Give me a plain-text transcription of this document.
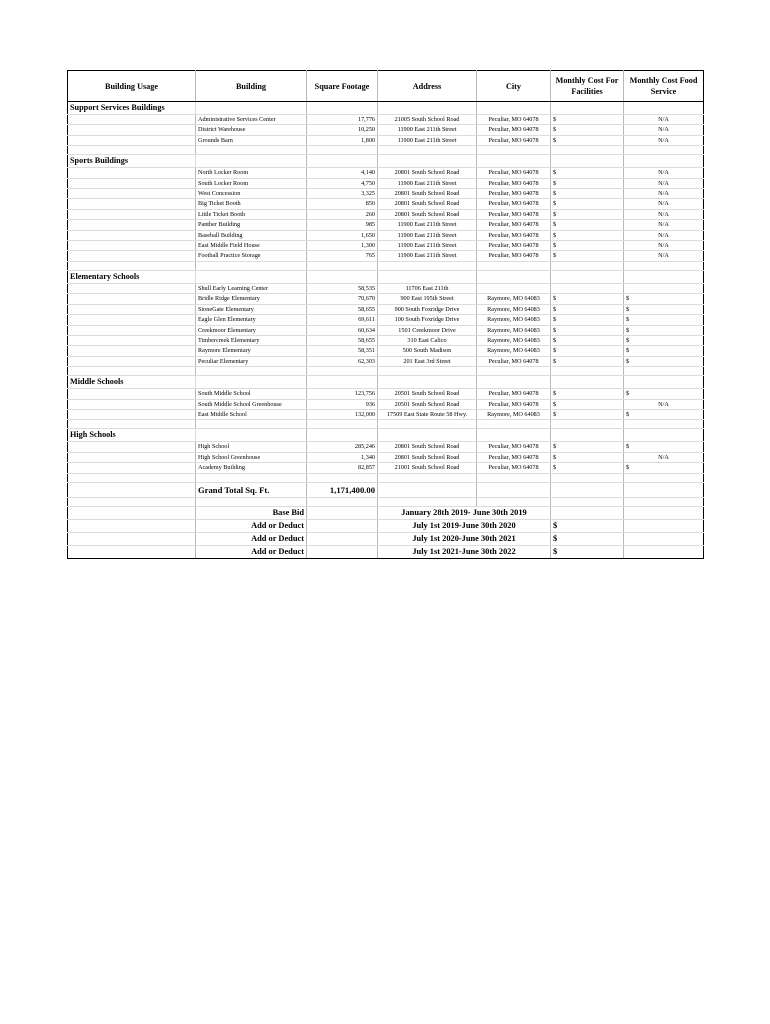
Building Usage	Building	Square Footage	Address	City	Monthly Cost For Facilities	Monthly Cost Food Service
Support Services Buildings						
	Administrative Services Center	17,776	21005 South School Road	Peculiar, MO 64078	$	N/A
	District Warehouse	10,250	11900 East 211th Street	Peculiar, MO 64078	$	N/A
	Grounds Barn	1,800	11900 East 211th Street	Peculiar, MO 64078	$	N/A

Sports Buildings						
	North Locker Room	4,140	20801 South School Road	Peculiar, MO 64078	$	N/A
	South Locker Room	4,750	11900 East 211th Street	Peculiar, MO 64078	$	N/A
	West Concession	3,325	20801 South School Road	Peculiar, MO 64078	$	N/A
	Big Ticket Booth	850	20801 South School Road	Peculiar, MO 64078	$	N/A
	Little Ticket Booth	260	20801 South School Road	Peculiar, MO 64078	$	N/A
	Panther Building	985	11900 East 211th Street	Peculiar, MO 64078	$	N/A
	Baseball Building	1,650	11900 East 211th Street	Peculiar, MO 64078	$	N/A
	East Middle Field House	1,300	11900 East 211th Street	Peculiar, MO 64078	$	N/A
	Football Practice Storage	765	11900 East 211th Street	Peculiar, MO 64078	$	N/A

Elementary Schools						
	Shull Early Learning Center	58,535	11706 East 211th			
	Bridle Ridge Elementary	70,670	900 East 195th Street	Raymore, MO 64083	$	$
	StoneGate Elementary	58,655	900 South Foxridge Drive	Raymore, MO 64083	$	$
	Eagle Glen Elementary	69,611	100 South Foxridge Drive	Raymore, MO 64083	$	$
	Creekmoor Elementary	60,634	1501 Creekmoor Drive	Raymore, MO 64083	$	$
	Timbercreek Elementary	58,655	310 East Calico	Raymore, MO 64083	$	$
	Raymore Elementary	58,351	500 South Madison	Raymore, MO 64083	$	$
	Peculiar Elementary	62,303	201 East 3rd Street	Peculiar, MO 64078	$	$

Middle Schools						
	South Middle School	123,756	20501 South School Road	Peculiar, MO 64078	$	$
	South Middle School Greenhouse	936	20501 South School Road	Peculiar, MO 64078	$	N/A
	East Middle School	132,000	17509 East State Route 58 Hwy.	Raymore, MO 64083	$	$

High Schools						
	High School	285,246	20801 South School Road	Peculiar, MO 64078	$	$
	High School Greenhouse	1,340	20801 South School Road	Peculiar, MO 64078	$	N/A
	Academy Building	82,857	21001 South School Road	Peculiar, MO 64078	$	$

	Grand Total Sq. Ft.	1,171,400.00				

	Base Bid		January 28th 2019- June 30th 2019			
	Add or Deduct		July 1st 2019-June 30th 2020		$	
	Add or Deduct		July 1st 2020-June 30th 2021		$	
	Add or Deduct		July 1st 2021-June 30th 2022		$	
